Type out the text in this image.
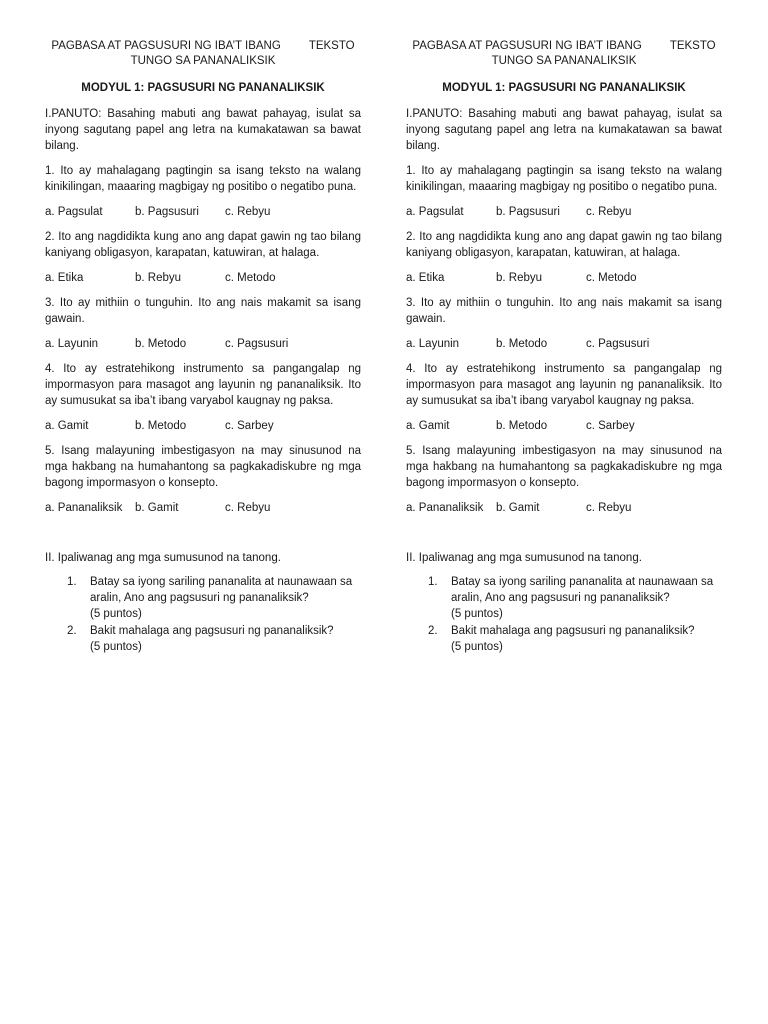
PAGBASA AT PAGSUSURI NG IBA’T IBANG TEKSTO
TUNGO SA PANANALIKSIK
MODYUL 1: PAGSUSURI NG PANANALIKSIK

I.PANUTO: Basahing mabuti ang bawat pahayag, isulat sa inyong sagutang papel ang letra na kumakatawan sa bawat bilang.

1. Ito ay mahalagang pagtingin sa isang teksto na walang kinikilingan, maaaring magbigay ng positibo o negatibo puna.

a. Pagsulat	b. Pagsusuri	c. Rebyu

2. Ito ang nagdidikta kung ano ang dapat gawin ng tao bilang kaniyang obligasyon, karapatan, katuwiran, at halaga.

a. Etika	b. Rebyu	c. Metodo

3. Ito ay mithiin o tunguhin. Ito ang nais makamit sa isang gawain.

a. Layunin	b. Metodo	c. Pagsusuri

4. Ito ay estratehikong instrumento sa pangangalap ng impormasyon para masagot ang layunin ng pananaliksik. Ito ay sumusukat sa iba’t ibang varyabol kaugnay ng paksa.

a. Gamit	b. Metodo	c. Sarbey

5. Isang malayuning imbestigasyon na may sinusunod na mga hakbang na humahantong sa pagkakadiskubre ng mga bagong impormasyon o konsepto.

a. Pananaliksik	b. Gamit	c. Rebyu
II. Ipaliwanag ang mga sumusunod na tanong.
1.	Batay sa iyong sariling pananalita at naunawaan sa aralin, Ano ang pagsusuri ng pananaliksik?
(5 puntos)
2.	Bakit mahalaga ang pagsusuri ng pananaliksik?
(5 puntos)
PAGBASA AT PAGSUSURI NG IBA’T IBANG TEKSTO
TUNGO SA PANANALIKSIK
MODYUL 1: PAGSUSURI NG PANANALIKSIK

I.PANUTO: Basahing mabuti ang bawat pahayag, isulat sa inyong sagutang papel ang letra na kumakatawan sa bawat bilang.

1. Ito ay mahalagang pagtingin sa isang teksto na walang kinikilingan, maaaring magbigay ng positibo o negatibo puna.

a. Pagsulat	b. Pagsusuri	c. Rebyu

2. Ito ang nagdidikta kung ano ang dapat gawin ng tao bilang kaniyang obligasyon, karapatan, katuwiran, at halaga.

a. Etika	b. Rebyu	c. Metodo

3. Ito ay mithiin o tunguhin. Ito ang nais makamit sa isang gawain.

a. Layunin	b. Metodo	c. Pagsusuri

4. Ito ay estratehikong instrumento sa pangangalap ng impormasyon para masagot ang layunin ng pananaliksik. Ito ay sumusukat sa iba’t ibang varyabol kaugnay ng paksa.

a. Gamit	b. Metodo	c. Sarbey

5. Isang malayuning imbestigasyon na may sinusunod na mga hakbang na humahantong sa pagkakadiskubre ng mga bagong impormasyon o konsepto.

a. Pananaliksik	b. Gamit	c. Rebyu
II. Ipaliwanag ang mga sumusunod na tanong.
1.	Batay sa iyong sariling pananalita at naunawaan sa aralin, Ano ang pagsusuri ng pananaliksik?
(5 puntos)
2.	Bakit mahalaga ang pagsusuri ng pananaliksik?
(5 puntos)
